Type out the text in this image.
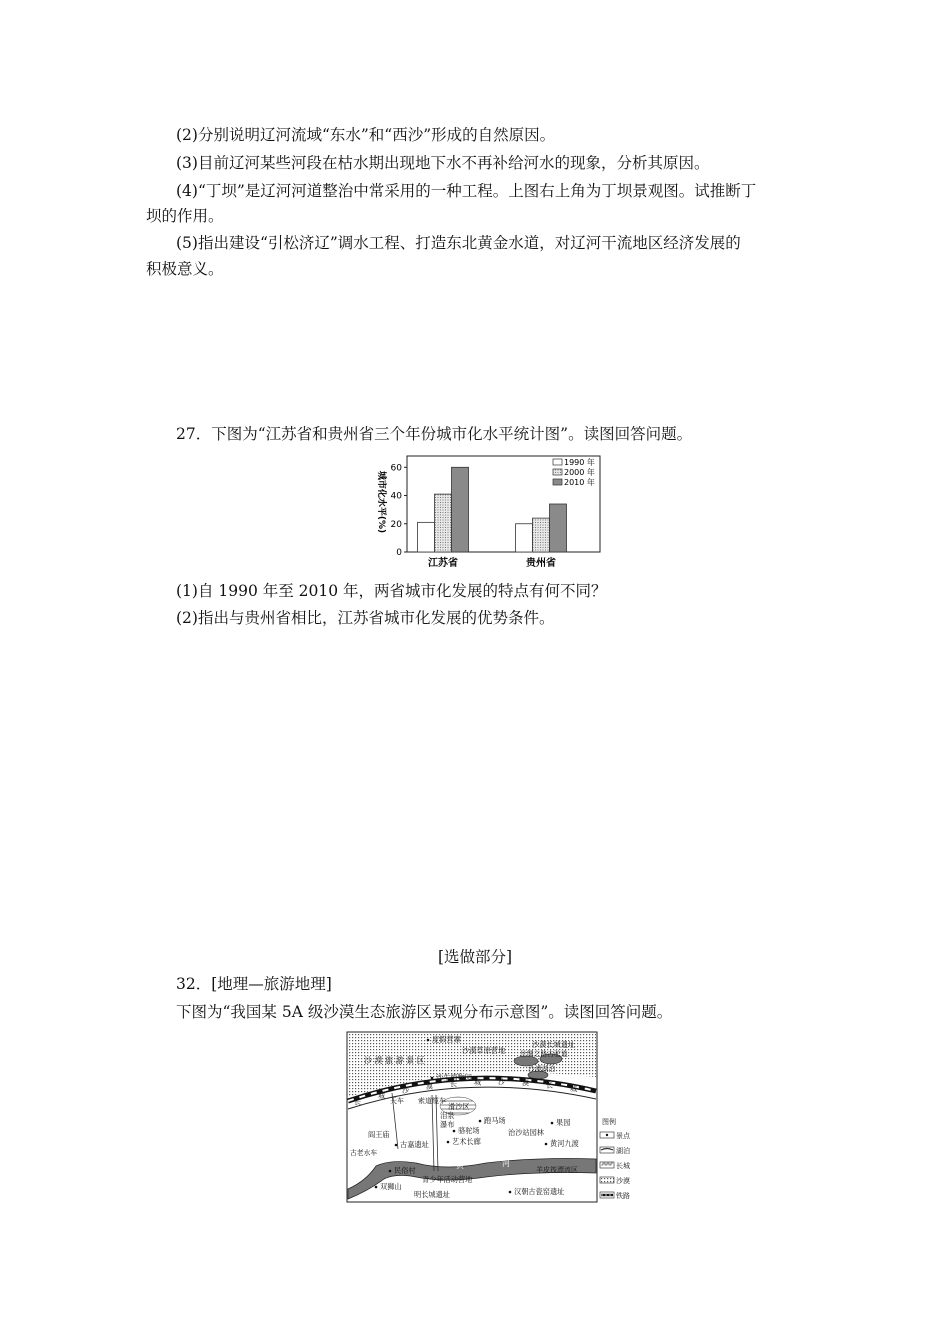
(2)分别说明辽河流域“东水”和“西沙”形成的自然原因。
(3)目前辽河某些河段在枯水期出现地下水不再补给河水的现象，分析其原因。
(4)“丁坝”是辽河河道整治中常采用的一种工程。上图右上角为丁坝景观图。试推断丁
坝的作用。
(5)指出建设“引松济辽”调水工程、打造东北黄金水道，对辽河干流地区经济发展的
积极意义。
27．下图为“江苏省和贵州省三个年份城市化水平统计图”。读图回答问题。
0
20
40
60
城市化水平(%)
江苏省	贵州省
1990 年
2000 年
2010 年
(1)自 1990 年至 2010 年，两省城市化发展的特点有何不同？
(2)指出与贵州省相比，江苏省城市化发展的优势条件。
[选做部分]
32．[地理—旅游地理]
下图为“我国某 5A 级沙漠生态旅游区景观分布示意图”。读图回答问题。
长
城
沙 漠 长 城 沙 漠 长 城
度假营寨
沙漠草原营地
沙漠长城遗址
丝绸之路古驼道
沙漠湖泊
沙 漠 旅 游 景 区
沙生植物园
滑沙区
天车 索道缆车
泪泉
瀑布	跑马场
骆驼场	治沙站园林
果园
艺术长廊	黄河九渡
阎王庙
古嘉遗址
古老水车
民俗村
青少年活动营地
双狮山
明长城遗址	汉朝古瓷窑遗址
羊皮筏漂流区
黄	河
图例
景点
湖泊
长城
沙漠
铁路
